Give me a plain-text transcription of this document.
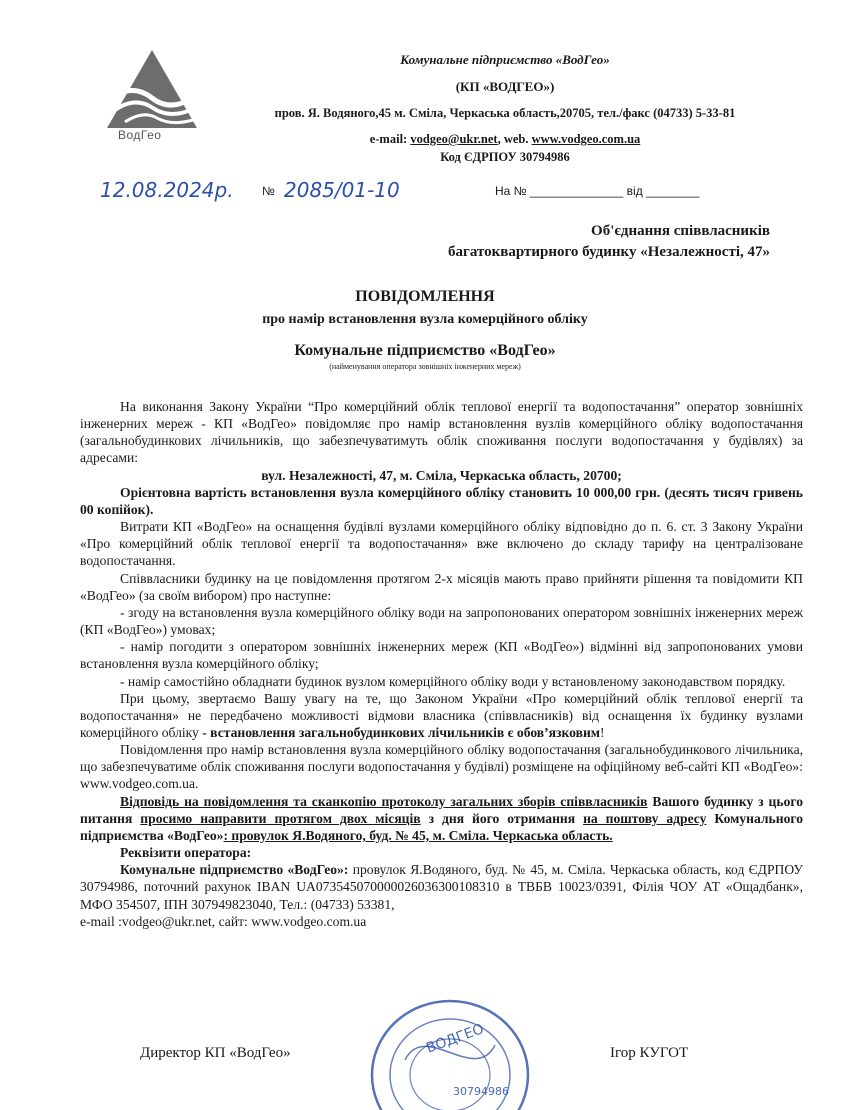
ВодГео
Комунальне підприємство «ВодГео»
(КП «ВОДГЕО»)
пров. Я. Водяного,45 м. Сміла, Черкаська область,20705, тел./факс (04733) 5-33-81
e-mail: vodgeo@ukr.net, web. www.vodgeo.com.ua
Код ЄДРПОУ 30794986
12.08.2024р. № 2085/01-10	На № ______________ від ________
Об'єднання співвласників
багатоквартирного будинку «Незалежності, 47»
ПОВІДОМЛЕННЯ
про намір встановлення вузла комерційного обліку
Комунальне підприємство «ВодГео»
(найменування оператора зовнішніх інженерних мереж)

На виконання Закону України “Про комерційний облік теплової енергії та водопостачання” оператор зовнішніх інженерних мереж - КП «ВодГео» повідомляє про намір встановлення вузлів комерційного обліку водопостачання (загальнобудинкових лічильників, що забезпечуватимуть облік споживання послуги водопостачання у будівлях) за адресами:

вул. Незалежності, 47, м. Сміла, Черкаська область, 20700;

Орієнтовна вартість встановлення вузла комерційного обліку становить 10 000,00 грн. (десять тисяч гривень 00 копійок).

Витрати КП «ВодГео» на оснащення будівлі вузлами комерційного обліку відповідно до п. 6. ст. 3 Закону України «Про комерційний облік теплової енергії та водопостачання» вже включено до складу тарифу на централізоване водопостачання.

Співвласники будинку на це повідомлення протягом 2-х місяців мають право прийняти рішення та повідомити КП «ВодГео» (за своїм вибором) про наступне:

- згоду на встановлення вузла комерційного обліку води на запропонованих оператором зовнішніх інженерних мереж (КП «ВодГео») умовах;

- намір погодити з оператором зовнішніх інженерних мереж (КП «ВодГео») відмінні від запропонованих умови встановлення вузла комерційного обліку;

- намір самостійно обладнати будинок вузлом комерційного обліку води у встановленому законодавством порядку.

При цьому, звертаємо Вашу увагу на те, що Законом України «Про комерційний облік теплової енергії та водопостачання» не передбачено можливості відмови власника (співвласників) від оснащення їх будинку вузлами комерційного обліку - встановлення загальнобудинкових лічильників є обов’язковим!

Повідомлення про намір встановлення вузла комерційного обліку водопостачання (загальнобудинкового лічильника, що забезпечуватиме облік споживання послуги водопостачання у будівлі) розміщене на офіційному веб-сайті КП «ВодГео»: www.vodgeo.com.ua.

Відповідь на повідомлення та сканкопію протоколу загальних зборів співвласників Вашого будинку з цього питання просимо направити протягом двох місяців з дня його отримання на поштову адресу Комунального підприємства «ВодГео»: провулок Я.Водяного, буд. № 45, м. Сміла. Черкаська область.

Реквізити оператора:

Комунальне підприємство «ВодГео»: провулок Я.Водяного, буд. № 45, м. Сміла. Черкаська область, код ЄДРПОУ 30794986, поточний рахунок IBAN UA073545070000026036300108310 в ТВБВ 10023/0391, Філія ЧОУ АТ «Ощадбанк», МФО 354507, ІПН 307949823040, Тел.: (04733) 53381,

e-mail :vodgeo@ukr.net, сайт: www.vodgeo.com.ua

ВОДГЕО
30794986
Директор КП «ВодГео»	Ігор КУГОТ
